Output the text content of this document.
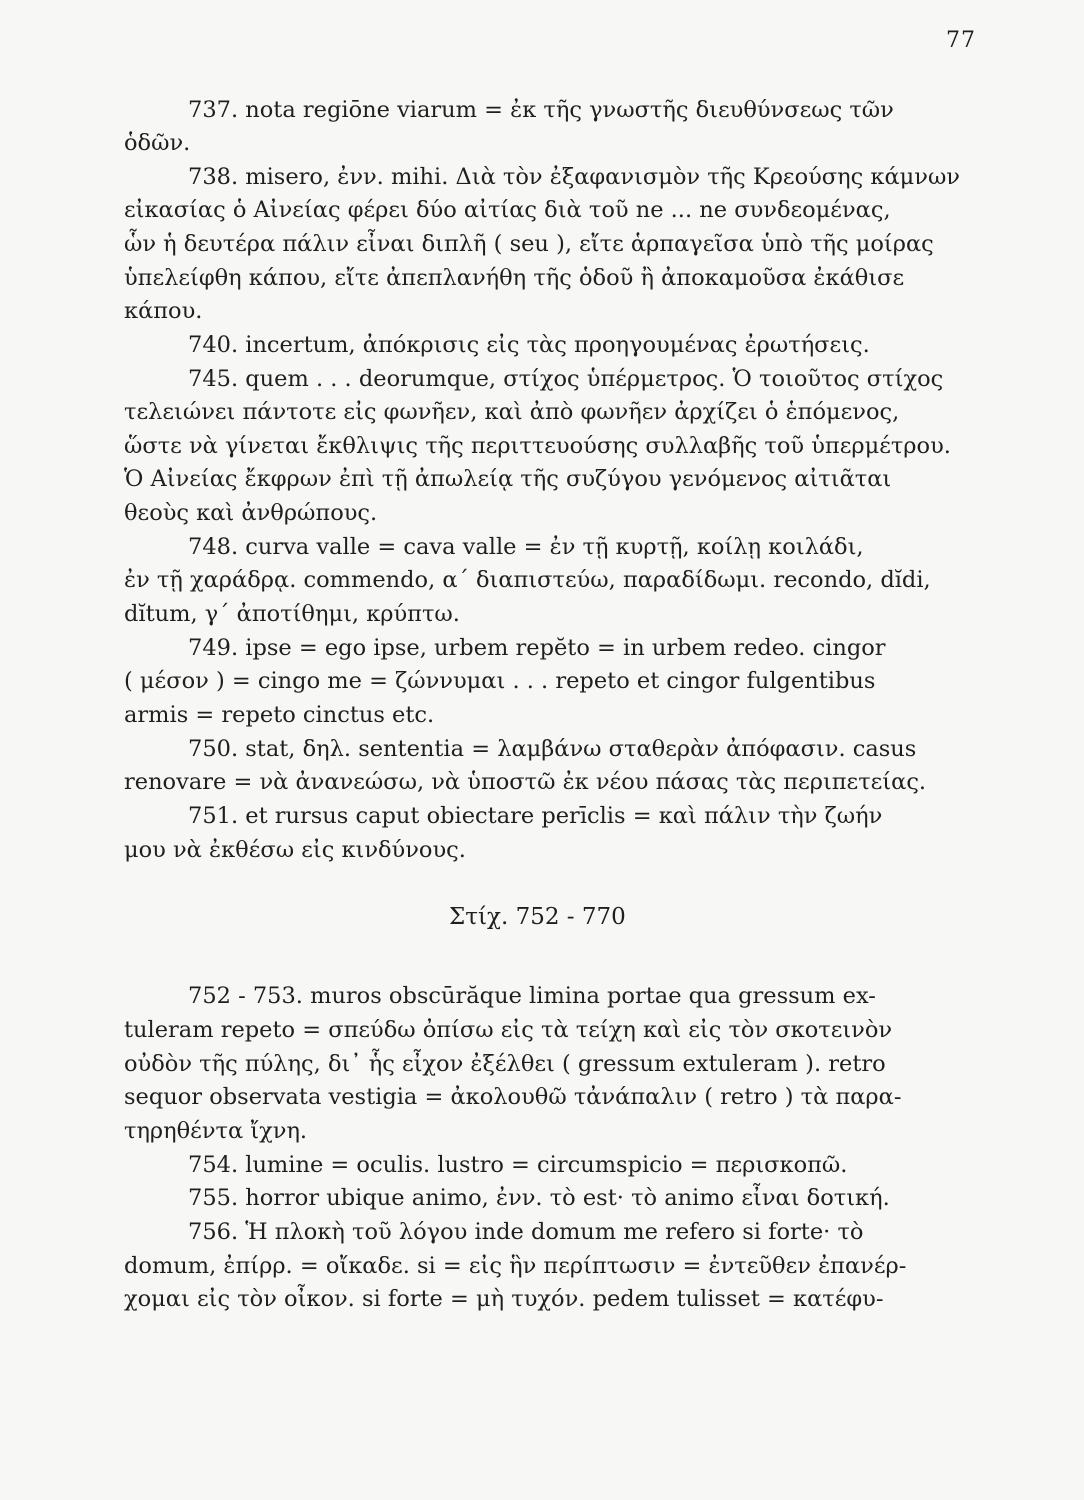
77
737. nota regiōne viarum = ἐκ τῆς γνωστῆς διευθύνσεως τῶν
ὁδῶν.
738. misero, ἐνν. mihi. Διὰ τὸν ἐξαφανισμὸν τῆς Κρεούσης κάμνων
εἰκασίας ὁ Αἰνείας φέρει δύο αἰτίας διὰ τοῦ ne ... ne συνδεομένας,
ὧν ἡ δευτέρα πάλιν εἶναι διπλῆ ( seu ), εἴτε ἁρπαγεῖσα ὑπὸ τῆς μοίρας
ὑπελείφθη κάπου, εἴτε ἀπεπλανήθη τῆς ὁδοῦ ἢ ἀποκαμοῦσα ἐκάθισε
κάπου.
740. incertum, ἀπόκρισις εἰς τὰς προηγουμένας ἐρωτήσεις.
745. quem . . . deorumque, στίχος ὑπέρμετρος. Ὁ τοιοῦτος στίχος
τελειώνει πάντοτε εἰς φωνῆεν, καὶ ἀπὸ φωνῆεν ἀρχίζει ὁ ἑπόμενος,
ὥστε νὰ γίνεται ἔκθλιψις τῆς περιττευούσης συλλαβῆς τοῦ ὑπερμέτρου.
Ὁ Αἰνείας ἔκφρων ἐπὶ τῇ ἀπωλείᾳ τῆς συζύγου γενόμενος αἰτιᾶται
θεοὺς καὶ ἀνθρώπους.
748. curva valle = cava valle = ἐν τῇ κυρτῇ, κοίλῃ κοιλάδι,
ἐν τῇ χαράδρᾳ. commendo, α΄ διαπιστεύω, παραδίδωμι. recondo, dĭdi,
dĭtum, γ΄ ἀποτίθημι, κρύπτω.
749. ipse = ego ipse, urbem repĕto = in urbem redeo. cingor
( μέσον ) = cingo me = ζώννυμαι . . . repeto et cingor fulgentibus
armis = repeto cinctus etc.
750. stat, δηλ. sententia = λαμβάνω σταθερὰν ἀπόφασιν. casus
renovare = νὰ ἀνανεώσω, νὰ ὑποστῶ ἐκ νέου πάσας τὰς περιπετείας.
751. et rursus caput obiectare perīclis = καὶ πάλιν τὴν ζωήν
μου νὰ ἐκθέσω εἰς κινδύνους.
Στίχ. 752 - 770
752 - 753. muros obscūrăque limina portae qua gressum ex-
tuleram repeto = σπεύδω ὀπίσω εἰς τὰ τείχη καὶ εἰς τὸν σκοτεινὸν
οὐδὸν τῆς πύλης, δι᾽ ἧς εἶχον ἐξέλθει ( gressum extuleram ). retro
sequor observata vestigia = ἀκολουθῶ τἀνάπαλιν ( retro ) τὰ παρα-
τηρηθέντα ἴχνη.
754. lumine = oculis. lustro = circumspicio = περισκοπῶ.
755. horror ubique animo, ἐνν. τὸ est· τὸ animo εἶναι δοτική.
756. Ἡ πλοκὴ τοῦ λόγου inde domum me refero si forte· τὸ
domum, ἐπίρρ. = οἴκαδε. si = εἰς ἣν περίπτωσιν = ἐντεῦθεν ἐπανέρ-
χομαι εἰς τὸν οἶκον. si forte = μὴ τυχόν. pedem tulisset = κατέφυ-
